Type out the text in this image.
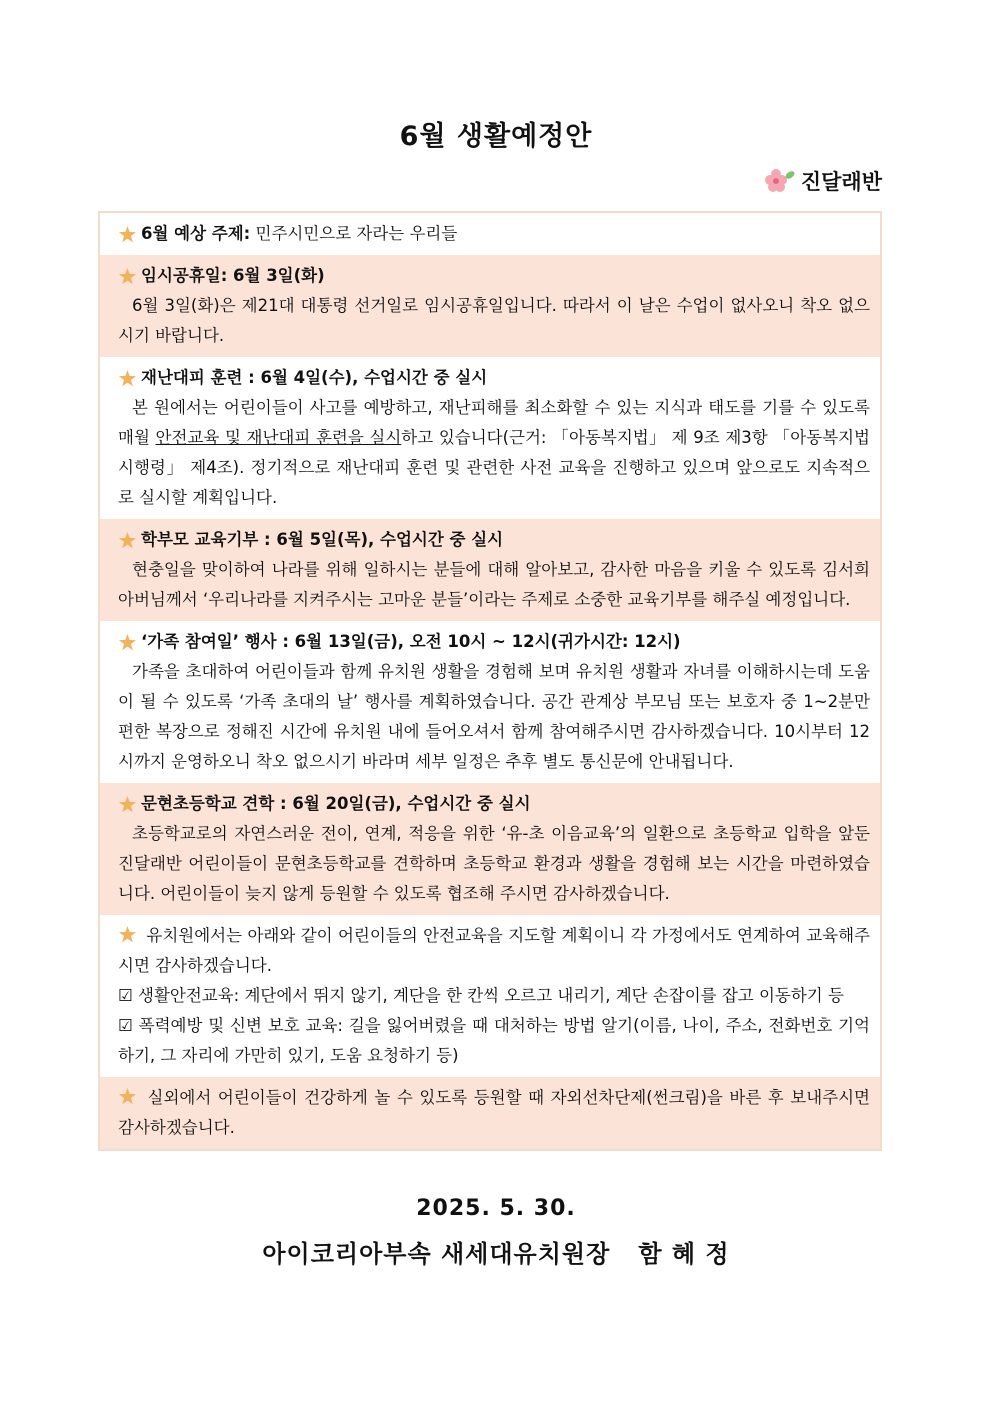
6월 생활예정안
진달래반
6월 예상 주제: 민주시민으로 자라는 우리들
임시공휴일: 6월 3일(화)
6월 3일(화)은 제21대 대통령 선거일로 임시공휴일입니다. 따라서 이 날은 수업이 없사오니 착오 없으시기 바랍니다.
재난대피 훈련 : 6월 4일(수), 수업시간 중 실시
본 원에서는 어린이들이 사고를 예방하고, 재난피해를 최소화할 수 있는 지식과 태도를 기를 수 있도록 매월 안전교육 및 재난대피 훈련을 실시하고 있습니다(근거: 「아동복지법」 제 9조 제3항 「아동복지법 시행령」 제4조). 정기적으로 재난대피 훈련 및 관련한 사전 교육을 진행하고 있으며 앞으로도 지속적으로 실시할 계획입니다.
학부모 교육기부 : 6월 5일(목), 수업시간 중 실시
현충일을 맞이하여 나라를 위해 일하시는 분들에 대해 알아보고, 감사한 마음을 키울 수 있도록 김서희 아버님께서 ‘우리나라를 지켜주시는 고마운 분들’이라는 주제로 소중한 교육기부를 해주실 예정입니다.
‘가족 참여일’ 행사 : 6월 13일(금), 오전 10시 ~ 12시(귀가시간: 12시)
가족을 초대하여 어린이들과 함께 유치원 생활을 경험해 보며 유치원 생활과 자녀를 이해하시는데 도움이 될 수 있도록 ‘가족 초대의 날’ 행사를 계획하였습니다. 공간 관계상 부모님 또는 보호자 중 1~2분만 편한 복장으로 정해진 시간에 유치원 내에 들어오셔서 함께 참여해주시면 감사하겠습니다. 10시부터 12시까지 운영하오니 착오 없으시기 바라며 세부 일정은 추후 별도 통신문에 안내됩니다.
문현초등학교 견학 : 6월 20일(금), 수업시간 중 실시
초등학교로의 자연스러운 전이, 연계, 적응을 위한 ‘유-초 이음교육’의 일환으로 초등학교 입학을 앞둔 진달래반 어린이들이 문현초등학교를 견학하며 초등학교 환경과 생활을 경험해 보는 시간을 마련하였습니다. 어린이들이 늦지 않게 등원할 수 있도록 협조해 주시면 감사하겠습니다.
유치원에서는 아래와 같이 어린이들의 안전교육을 지도할 계획이니 각 가정에서도 연계하여 교육해주시면 감사하겠습니다.
☑ 생활안전교육: 계단에서 뛰지 않기, 계단을 한 칸씩 오르고 내리기, 계단 손잡이를 잡고 이동하기 등
☑ 폭력예방 및 신변 보호 교육: 길을 잃어버렸을 때 대처하는 방법 알기(이름, 나이, 주소, 전화번호 기억하기, 그 자리에 가만히 있기, 도움 요청하기 등)
실외에서 어린이들이 건강하게 놀 수 있도록 등원할 때 자외선차단제(썬크림)을 바른 후 보내주시면 감사하겠습니다.
2025. 5. 30.
아이코리아부속 새세대유치원장   함 혜 정
